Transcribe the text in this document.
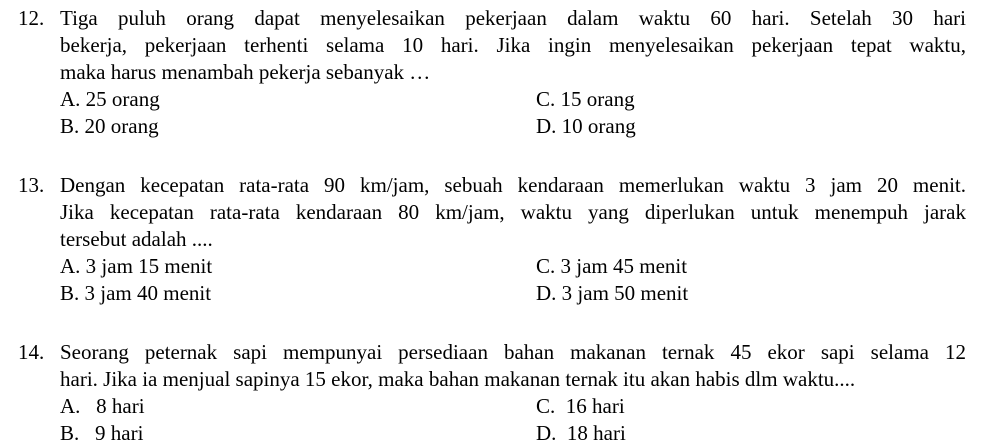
12. Tiga puluh orang dapat menyelesaikan pekerjaan dalam waktu 60 hari. Setelah 30 hari
bekerja, pekerjaan terhenti selama 10 hari. Jika ingin menyelesaikan pekerjaan tepat waktu,
maka harus menambah pekerja sebanyak …
A. 25 orang	C. 15 orang
B. 20 orang	D. 10 orang
13. Dengan kecepatan rata-rata 90 km/jam, sebuah kendaraan memerlukan waktu 3 jam 20 menit.
Jika kecepatan rata-rata kendaraan 80 km/jam, waktu yang diperlukan untuk menempuh jarak
tersebut adalah ....
A. 3 jam 15 menit	C. 3 jam 45 menit
B. 3 jam 40 menit	D. 3 jam 50 menit
14. Seorang peternak sapi mempunyai persediaan bahan makanan ternak 45 ekor sapi selama 12
hari. Jika ia menjual sapinya 15 ekor, maka bahan makanan ternak itu akan habis dlm waktu....
A.   8 hari	C.  16 hari
B.   9 hari	D.  18 hari
